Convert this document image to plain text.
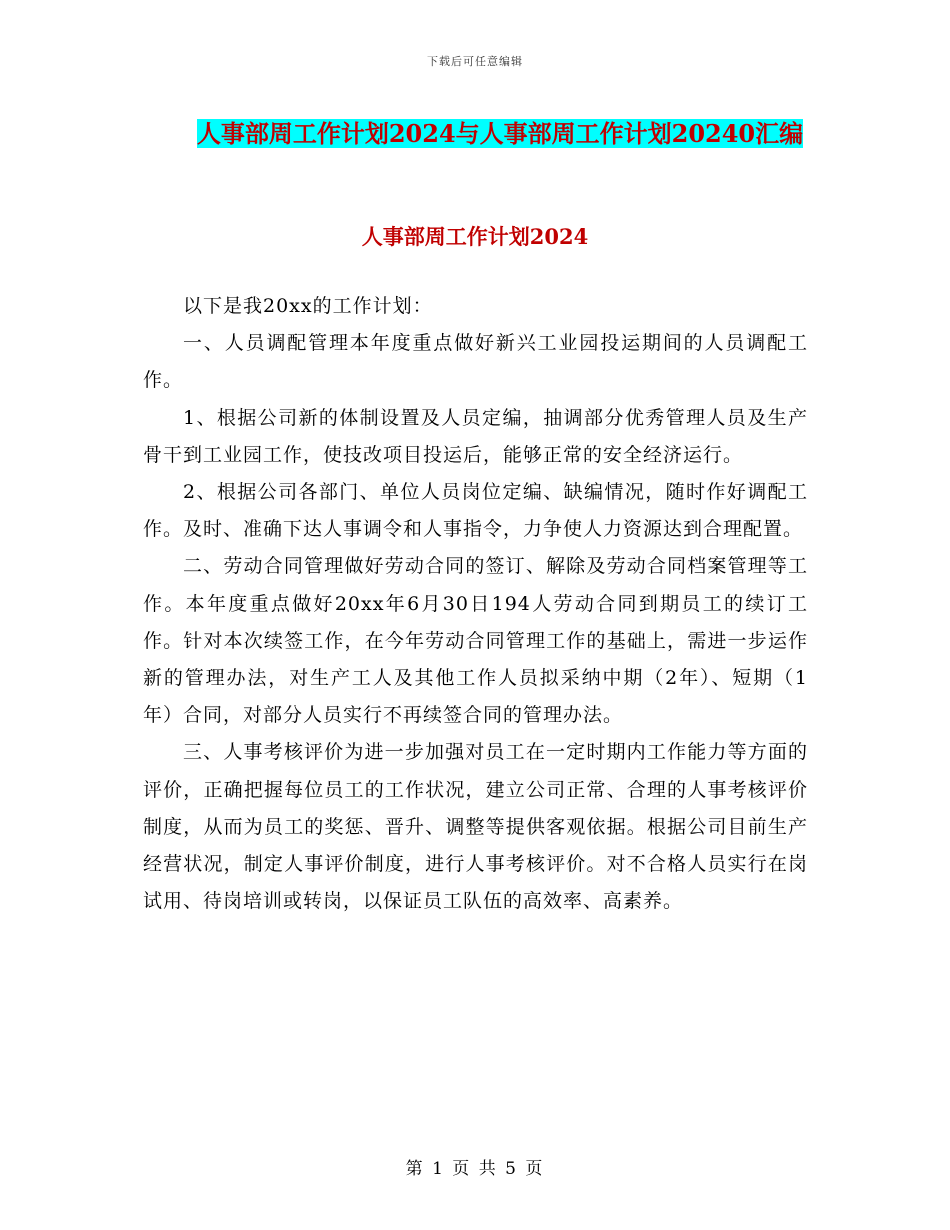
下载后可任意编辑
人事部周工作计划2024与人事部周工作计划20240汇编
人事部周工作计划2024

以下是我20xx的工作计划：

一、人员调配管理本年度重点做好新兴工业园投运期间的人员调配工作。

1、根据公司新的体制设置及人员定编，抽调部分优秀管理人员及生产骨干到工业园工作，使技改项目投运后，能够正常的安全经济运行。

2、根据公司各部门、单位人员岗位定编、缺编情况，随时作好调配工作。及时、准确下达人事调令和人事指令，力争使人力资源达到合理配置。

二、劳动合同管理做好劳动合同的签订、解除及劳动合同档案管理等工作。本年度重点做好20xx年6月30日194人劳动合同到期员工的续订工作。针对本次续签工作，在今年劳动合同管理工作的基础上，需进一步运作新的管理办法，对生产工人及其他工作人员拟采纳中期（2年）、短期（1年）合同，对部分人员实行不再续签合同的管理办法。

三、人事考核评价为进一步加强对员工在一定时期内工作能力等方面的评价，正确把握每位员工的工作状况，建立公司正常、合理的人事考核评价制度，从而为员工的奖惩、晋升、调整等提供客观依据。根据公司目前生产经营状况，制定人事评价制度，进行人事考核评价。对不合格人员实行在岗试用、待岗培训或转岗，以保证员工队伍的高效率、高素养。

第 1 页 共 5 页
